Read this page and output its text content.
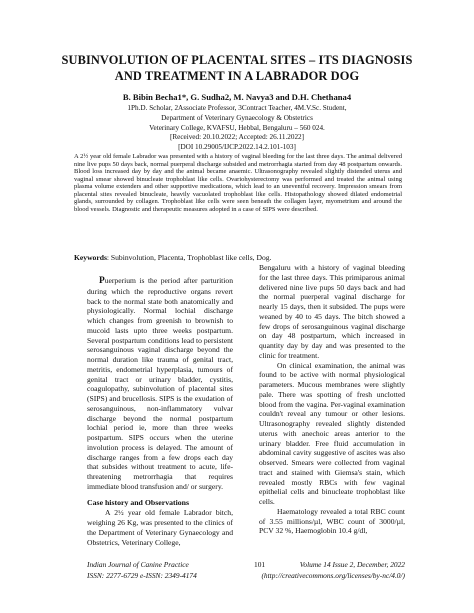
SUBINVOLUTION OF PLACENTAL SITES – ITS DIAGNOSIS
AND TREATMENT IN A LABRADOR DOG
B. Bibin Becha1*, G. Sudha2, M. Navya3 and D.H. Chethana4
1Ph.D. Scholar, 2Associate Professor, 3Contract Teacher, 4M.V.Sc. Student,
Department of Veterinary Gynaecology & Obstetrics
Veterinary College, KVAFSU, Hebbal, Bengaluru – 560 024.
[Received: 20.10.2022; Accepted: 26.11.2022]
[DOI 10.29005/IJCP.2022.14.2.101-103]
A 2½ year old female Labrador was presented with a history of vaginal bleeding for the last three days. The animal delivered nine live pups 50 days back, normal puerperal discharge subsided and metrorrhagia started from day 48 postpartum onwards. Blood loss increased day by day and the animal became anaemic. Ultrasonography revealed slightly distended uterus and vaginal smear showed binucleate trophoblast like cells. Ovariohysterectomy was performed and treated the animal using plasma volume extenders and other supportive medications, which lead to an uneventful recovery. Impression smears from placental sites revealed binucleate, heavily vacuolated trophoblast like cells. Histopathology showed dilated endometrial glands, surrounded by collagen. Trophoblast like cells were seen beneath the collagen layer, myometrium and around the blood vessels. Diagnostic and therapeutic measures adopted in a case of SIPS were described.
Keywords: Subinvolution, Placenta, Trophoblast like cells, Dog.

Puerperium is the period after parturition during which the reproductive organs revert back to the normal state both anatomically and physiologically. Normal lochial discharge which changes from greenish to brownish to mucoid lasts upto three weeks postpartum. Several postpartum conditions lead to persistent serosanguinous vaginal discharge beyond the normal duration like trauma of genital tract, metritis, endometrial hyperplasia, tumours of genital tract or urinary bladder, cystitis, coagulopathy, subinvolution of placental sites (SIPS) and brucellosis. SIPS is the exudation of serosanguinous, non-inflammatory vulvar discharge beyond the normal postpartum lochial period ie, more than three weeks postpartum. SIPS occurs when the uterine involution process is delayed. The amount of discharge ranges from a few drops each day that subsides without treatment to acute, life-threatening metrorrhagia that requires immediate blood transfusion and/ or surgery.

Case history and Observations

A 2½ year old female Labrador bitch, weighing 26 Kg, was presented to the clinics of the Department of Veterinary Gynaecology and Obstetrics, Veterinary College,

Bengaluru with a history of vaginal bleeding for the last three days. This primiparous animal delivered nine live pups 50 days back and had the normal puerperal vaginal discharge for nearly 15 days, then it subsided. The pups were weaned by 40 to 45 days. The bitch showed a few drops of serosanguinous vaginal discharge on day 48 postpartum, which increased in quantity day by day and was presented to the clinic for treatment.

On clinical examination, the animal was found to be active with normal physiological parameters. Mucous membranes were slightly pale. There was spotting of fresh unclotted blood from the vagina. Per-vaginal examination couldn't reveal any tumour or other lesions. Ultrasonography revealed slightly distended uterus with anechoic areas anterior to the urinary bladder. Free fluid accumulation in abdominal cavity suggestive of ascites was also observed. Smears were collected from vaginal tract and stained with Giemsa's stain, which revealed mostly RBCs with few vaginal epithelial cells and binucleate trophoblast like cells.

Haematology revealed a total RBC count of 3.55 millions/µl, WBC count of 3000/µl, PCV 32 %, Haemoglobin 10.4 g/dl,

Indian Journal of Canine Practice	101	Volume 14 Issue 2, December, 2022
ISSN: 2277-6729 e-ISSN: 2349-4174	(http://creativecommons.org/licenses/by-nc/4.0/)
